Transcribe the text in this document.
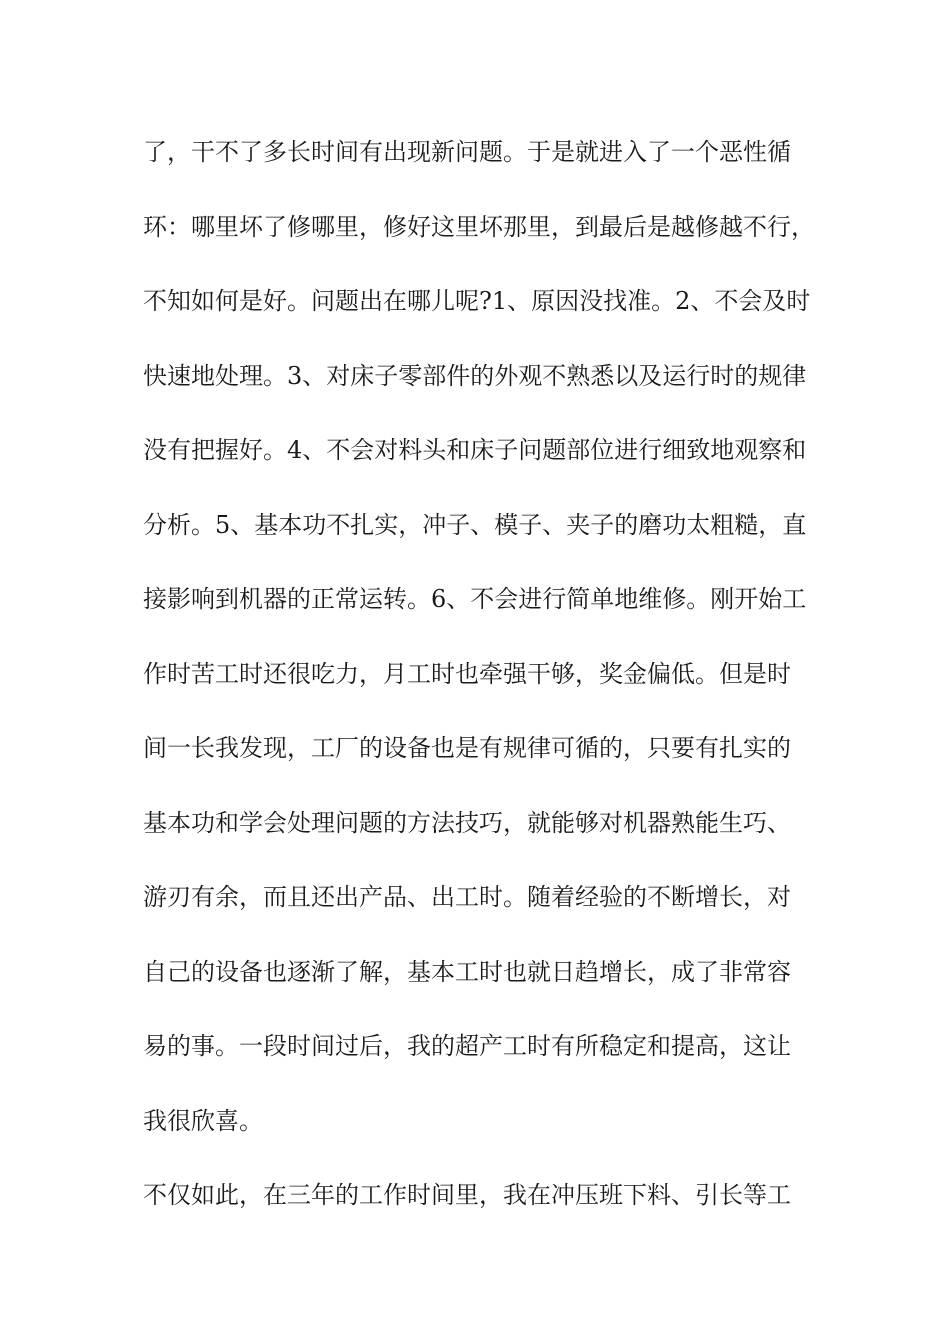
了，干不了多长时间有出现新问题。于是就进入了一个恶性循
环：哪里坏了修哪里，修好这里坏那里，到最后是越修越不行，
不知如何是好。问题出在哪儿呢?1、原因没找准。2、不会及时
快速地处理。3、对床子零部件的外观不熟悉以及运行时的规律
没有把握好。4、不会对料头和床子问题部位进行细致地观察和
分析。5、基本功不扎实，冲子、模子、夹子的磨功太粗糙，直
接影响到机器的正常运转。6、不会进行简单地维修。刚开始工
作时苦工时还很吃力，月工时也牵强干够，奖金偏低。但是时
间一长我发现，工厂的设备也是有规律可循的，只要有扎实的
基本功和学会处理问题的方法技巧，就能够对机器熟能生巧、
游刃有余，而且还出产品、出工时。随着经验的不断增长，对
自己的设备也逐渐了解，基本工时也就日趋增长，成了非常容
易的事。一段时间过后，我的超产工时有所稳定和提高，这让
我很欣喜。
不仅如此，在三年的工作时间里，我在冲压班下料、引长等工
